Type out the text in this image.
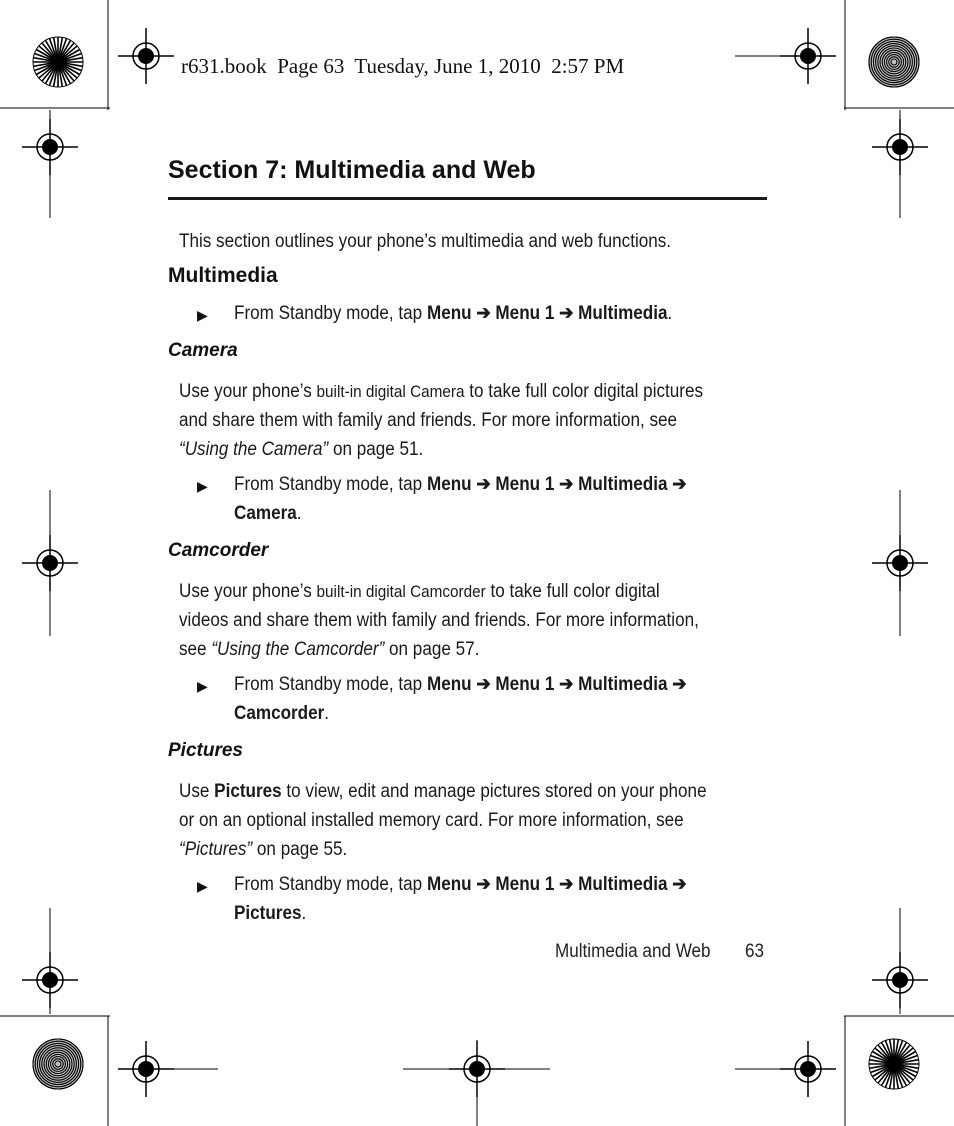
r631.book  Page 63  Tuesday, June 1, 2010  2:57 PM
Section 7: Multimedia and Web
This section outlines your phone’s multimedia and web functions.
Multimedia
▶ From Standby mode, tap Menu ➔ Menu 1 ➔ Multimedia.
Camera
Use your phone’s built-in digital Camera to take full color digital pictures
and share them with family and friends. For more information, see
“Using the Camera” on page 51.
▶ From Standby mode, tap Menu ➔ Menu 1 ➔ Multimedia ➔
Camera.
Camcorder
Use your phone’s built-in digital Camcorder to take full color digital
videos and share them with family and friends. For more information,
see “Using the Camcorder” on page 57.
▶ From Standby mode, tap Menu ➔ Menu 1 ➔ Multimedia ➔
Camcorder.
Pictures
Use Pictures to view, edit and manage pictures stored on your phone
or on an optional installed memory card. For more information, see
“Pictures” on page 55.
▶ From Standby mode, tap Menu ➔ Menu 1 ➔ Multimedia ➔
Pictures.
Multimedia and Web 63
